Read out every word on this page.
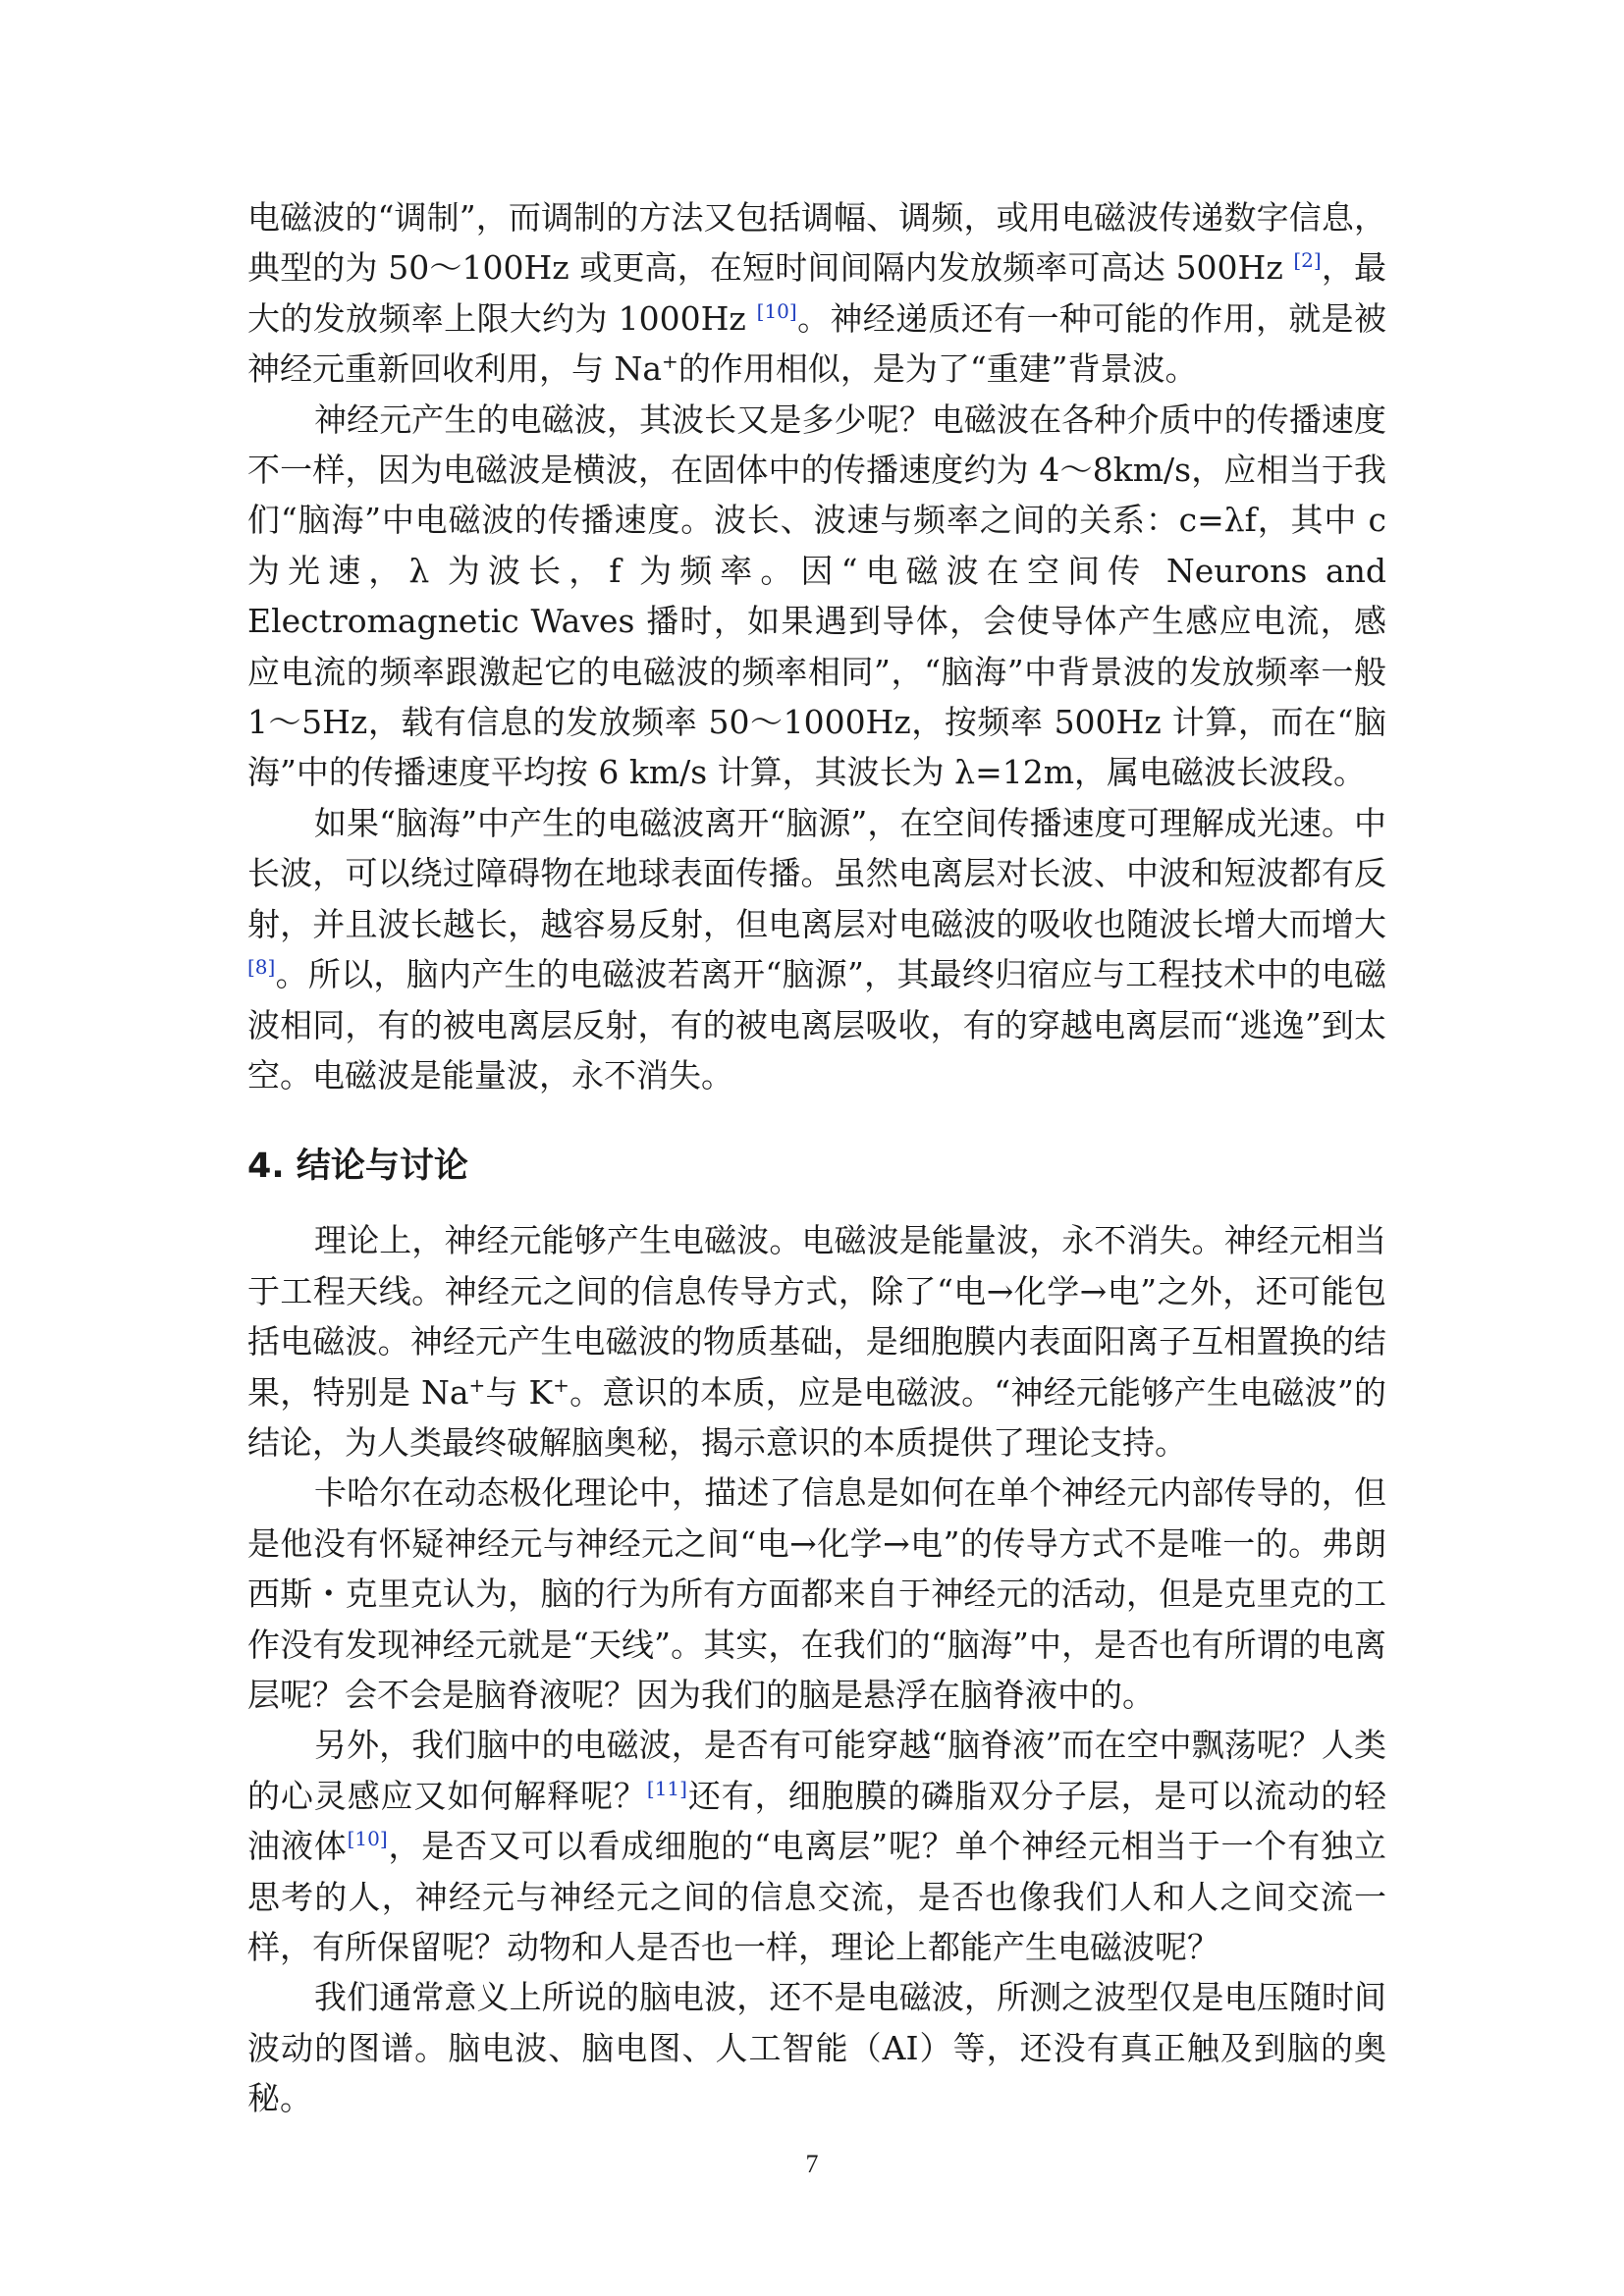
电磁波的“调制”，而调制的方法又包括调幅、调频，或用电磁波传递数字信息，典型的为 50～100Hz 或更高，在短时间间隔内发放频率可高达 500Hz [2]，最大的发放频率上限大约为 1000Hz [10]。神经递质还有一种可能的作用，就是被神经元重新回收利用，与 Na+的作用相似，是为了“重建”背景波。

神经元产生的电磁波，其波长又是多少呢？电磁波在各种介质中的传播速度不一样，因为电磁波是横波，在固体中的传播速度约为 4～8km/s，应相当于我们“脑海”中电磁波的传播速度。波长、波速与频率之间的关系：c=λf，其中 c 为光速，λ 为波长，f 为频率。因“电磁波在空间传 Neurons and Electromagnetic Waves 播时，如果遇到导体，会使导体产生感应电流，感应电流的频率跟激起它的电磁波的频率相同”，“脑海”中背景波的发放频率一般 1～5Hz，载有信息的发放频率 50～1000Hz，按频率 500Hz 计算，而在“脑海”中的传播速度平均按 6 km/s 计算，其波长为 λ=12m，属电磁波长波段。

如果“脑海”中产生的电磁波离开“脑源”，在空间传播速度可理解成光速。中长波，可以绕过障碍物在地球表面传播。虽然电离层对长波、中波和短波都有反射，并且波长越长，越容易反射，但电离层对电磁波的吸收也随波长增大而增大[8]。所以，脑内产生的电磁波若离开“脑源”，其最终归宿应与工程技术中的电磁波相同，有的被电离层反射，有的被电离层吸收，有的穿越电离层而“逃逸”到太空。电磁波是能量波，永不消失。

4. 结论与讨论

理论上，神经元能够产生电磁波。电磁波是能量波，永不消失。神经元相当于工程天线。神经元之间的信息传导方式，除了“电→化学→电”之外，还可能包括电磁波。神经元产生电磁波的物质基础，是细胞膜内表面阳离子互相置换的结果，特别是 Na+与 K+。意识的本质，应是电磁波。“神经元能够产生电磁波”的结论，为人类最终破解脑奥秘，揭示意识的本质提供了理论支持。

卡哈尔在动态极化理论中，描述了信息是如何在单个神经元内部传导的，但是他没有怀疑神经元与神经元之间“电→化学→电”的传导方式不是唯一的。弗朗西斯・克里克认为，脑的行为所有方面都来自于神经元的活动，但是克里克的工作没有发现神经元就是“天线”。其实，在我们的“脑海”中，是否也有所谓的电离层呢？会不会是脑脊液呢？因为我们的脑是悬浮在脑脊液中的。

另外，我们脑中的电磁波，是否有可能穿越“脑脊液”而在空中飘荡呢？人类的心灵感应又如何解释呢？[11]还有，细胞膜的磷脂双分子层，是可以流动的轻油液体[10]，是否又可以看成细胞的“电离层”呢？单个神经元相当于一个有独立思考的人，神经元与神经元之间的信息交流，是否也像我们人和人之间交流一样，有所保留呢？动物和人是否也一样，理论上都能产生电磁波呢？

我们通常意义上所说的脑电波，还不是电磁波，所测之波型仅是电压随时间波动的图谱。脑电波、脑电图、人工智能（AI）等，还没有真正触及到脑的奥秘。

7
